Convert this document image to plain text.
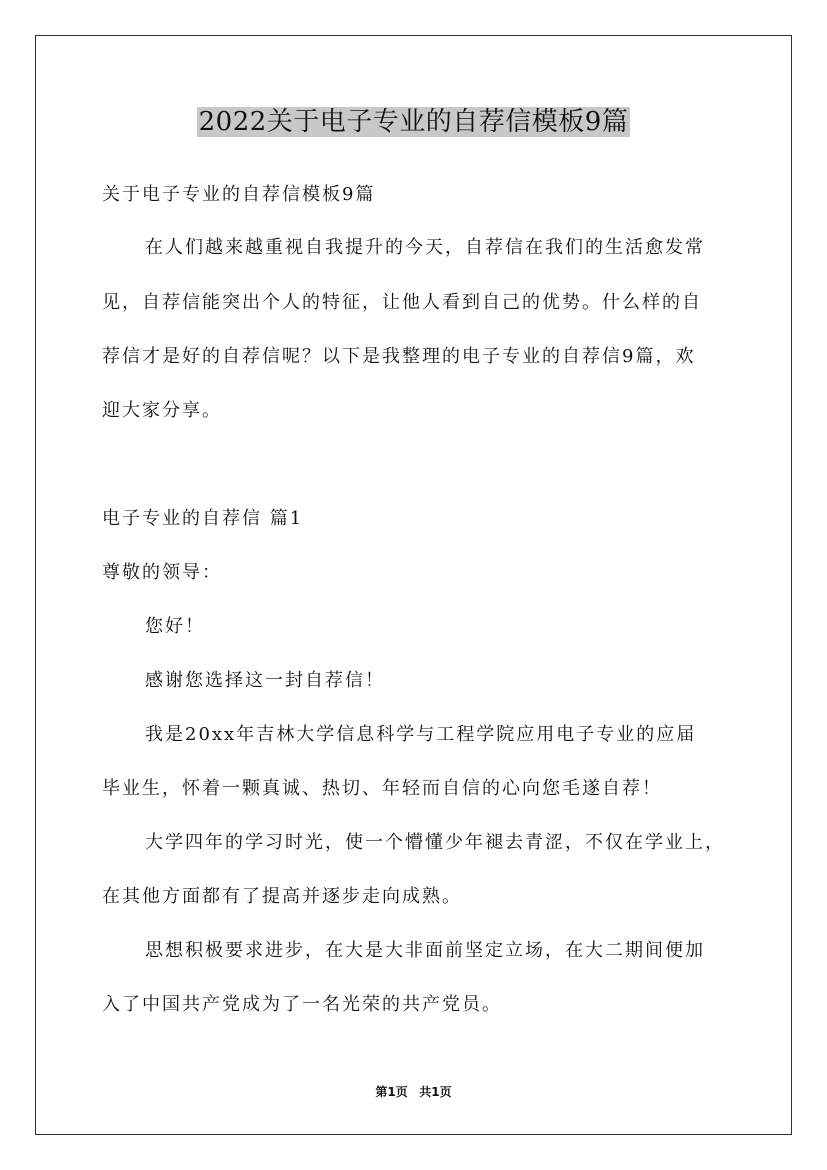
2022关于电子专业的自荐信模板9篇
关于电子专业的自荐信模板9篇
在人们越来越重视自我提升的今天，自荐信在我们的生活愈发常
见，自荐信能突出个人的特征，让他人看到自己的优势。什么样的自
荐信才是好的自荐信呢？以下是我整理的电子专业的自荐信9篇，欢
迎大家分享。
电子专业的自荐信 篇1
尊敬的领导：
您好！
感谢您选择这一封自荐信！
我是20xx年吉林大学信息科学与工程学院应用电子专业的应届
毕业生，怀着一颗真诚、热切、年轻而自信的心向您毛遂自荐！
大学四年的学习时光，使一个懵懂少年褪去青涩，不仅在学业上，
在其他方面都有了提高并逐步走向成熟。
思想积极要求进步，在大是大非面前坚定立场，在大二期间便加
入了中国共产党成为了一名光荣的共产党员。
第1页 共1页
